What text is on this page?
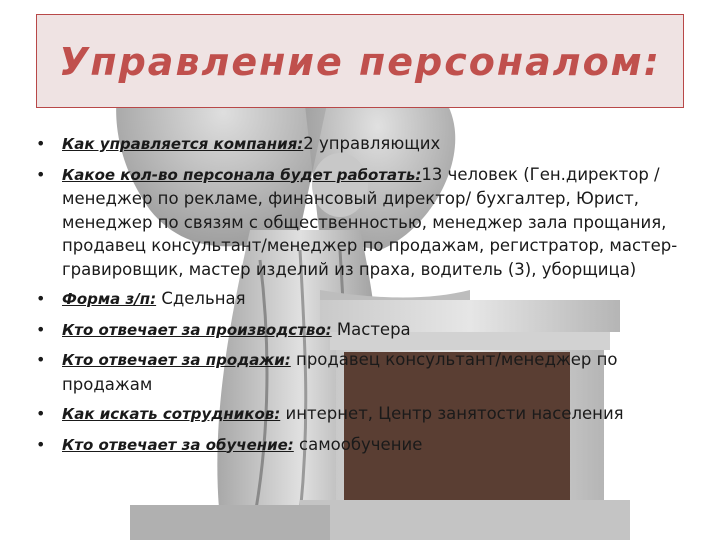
Управление персоналом:
•	Как управляется компания:2 управляющих
•	Какое кол-во персонала будет работать:13 человек (Ген.директор /менеджер по рекламе, финансовый директор/ бухгалтер, Юрист, менеджер по связям с общественностью, менеджер зала прощания, продавец консультант/менеджер по продажам, регистратор, мастер-гравировщик, мастер изделий из праха, водитель (3), уборщица)
•	Форма з/п: Сдельная
•	Кто отвечает за производство: Мастера
•	Кто отвечает за продажи: продавец консультант/менеджер по продажам
•	Как искать сотрудников: интернет, Центр занятости населения
•	Кто отвечает за обучение: самообучение
